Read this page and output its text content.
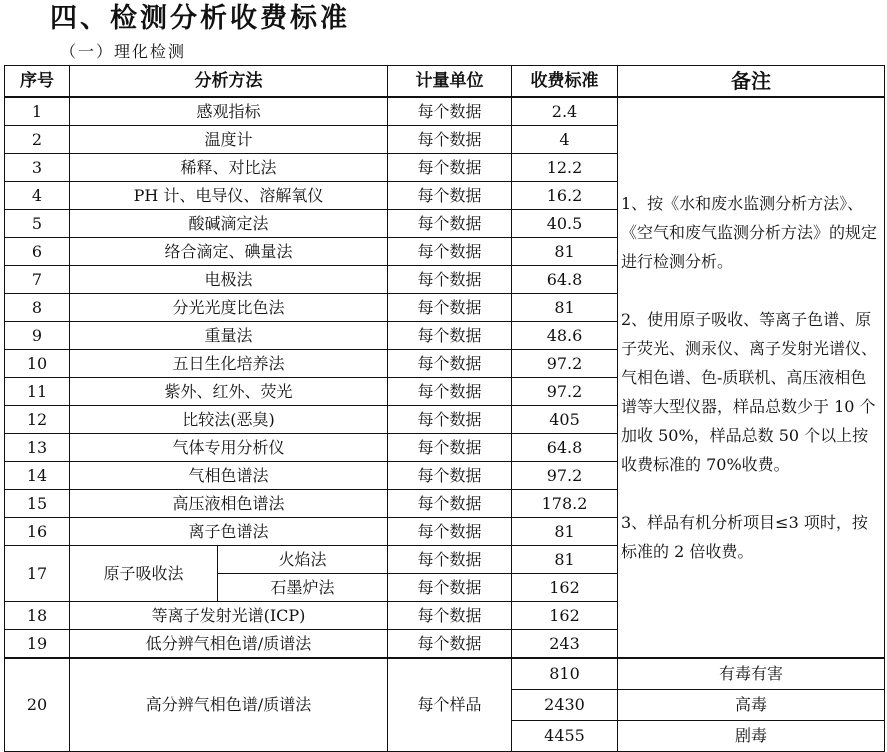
四、检测分析收费标准
（一）理化检测
序号	分析方法		计量单位	收费标准	备注
1	感观指标		每个数据	2.4	1、按《水和废水监测分析方法》、《空气和废气监测分析方法》的规定进行检测分析。

2、使用原子吸收、等离子色谱、原子荧光、测汞仪、离子发射光谱仪、气相色谱、色-质联机、高压液相色谱等大型仪器，样品总数少于 10 个加收 50%，样品总数 50 个以上按收费标准的 70%收费。

3、样品有机分析项目≤3 项时，按标准的 2 倍收费。

2	温度计		每个数据	4	
3	稀释、对比法		每个数据	12.2	
4	PH 计、电导仪、溶解氧仪		每个数据	16.2	
5	酸碱滴定法		每个数据	40.5	
6	络合滴定、碘量法		每个数据	81	
7	电极法		每个数据	64.8	
8	分光光度比色法		每个数据	81	
9	重量法		每个数据	48.6	
10	五日生化培养法		每个数据	97.2	
11	紫外、红外、荧光		每个数据	97.2	
12	比较法(恶臭)		每个数据	405	
13	气体专用分析仪		每个数据	64.8	
14	气相色谱法		每个数据	97.2	
15	高压液相色谱法		每个数据	178.2	
16	离子色谱法		每个数据	81	
17	原子吸收法	火焰法	每个数据	81	
		石墨炉法	每个数据	162	
18	等离子发射光谱(ICP)		每个数据	162	
19	低分辨气相色谱/质谱法		每个数据	243	
20	高分辨气相色谱/质谱法		每个样品	810	有毒有害
				2430	高毒
				4455	剧毒
